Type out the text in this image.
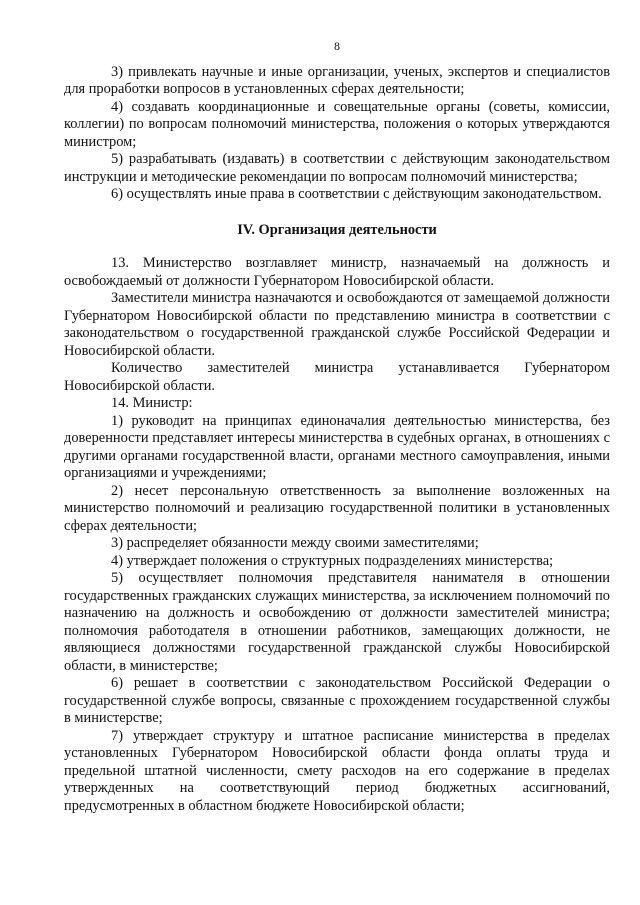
8

3) привлекать научные и иные организации, ученых, экспертов и специалистов для проработки вопросов в установленных сферах деятельности;

4) создавать координационные и совещательные органы (советы, комиссии, коллегии) по вопросам полномочий министерства, положения о которых утверждаются министром;

5) разрабатывать (издавать) в соответствии с действующим законодательством инструкции и методические рекомендации по вопросам полномочий министерства;

6) осуществлять иные права в соответствии с действующим законодательством.

IV. Организация деятельности

13. Министерство возглавляет министр, назначаемый на должность и освобождаемый от должности Губернатором Новосибирской области.

Заместители министра назначаются и освобождаются от замещаемой должности Губернатором Новосибирской области по представлению министра в соответствии с законодательством о государственной гражданской службе Российской Федерации и Новосибирской области.

Количество заместителей министра устанавливается Губернатором Новосибирской области.

14. Министр:

1) руководит на принципах единоначалия деятельностью министерства, без доверенности представляет интересы министерства в судебных органах, в отношениях с другими органами государственной власти, органами местного самоуправления, иными организациями и учреждениями;

2) несет персональную ответственность за выполнение возложенных на министерство полномочий и реализацию государственной политики в установленных сферах деятельности;

3) распределяет обязанности между своими заместителями;

4) утверждает положения о структурных подразделениях министерства;

5) осуществляет полномочия представителя нанимателя в отношении государственных гражданских служащих министерства, за исключением полномочий по назначению на должность и освобождению от должности заместителей министра; полномочия работодателя в отношении работников, замещающих должности, не являющиеся должностями государственной гражданской службы Новосибирской области, в министерстве;

6) решает в соответствии с законодательством Российской Федерации о государственной службе вопросы, связанные с прохождением государственной службы в министерстве;

7) утверждает структуру и штатное расписание министерства в пределах установленных Губернатором Новосибирской области фонда оплаты труда и предельной штатной численности, смету расходов на его содержание в пределах утвержденных на соответствующий период бюджетных ассигнований, предусмотренных в областном бюджете Новосибирской области;
